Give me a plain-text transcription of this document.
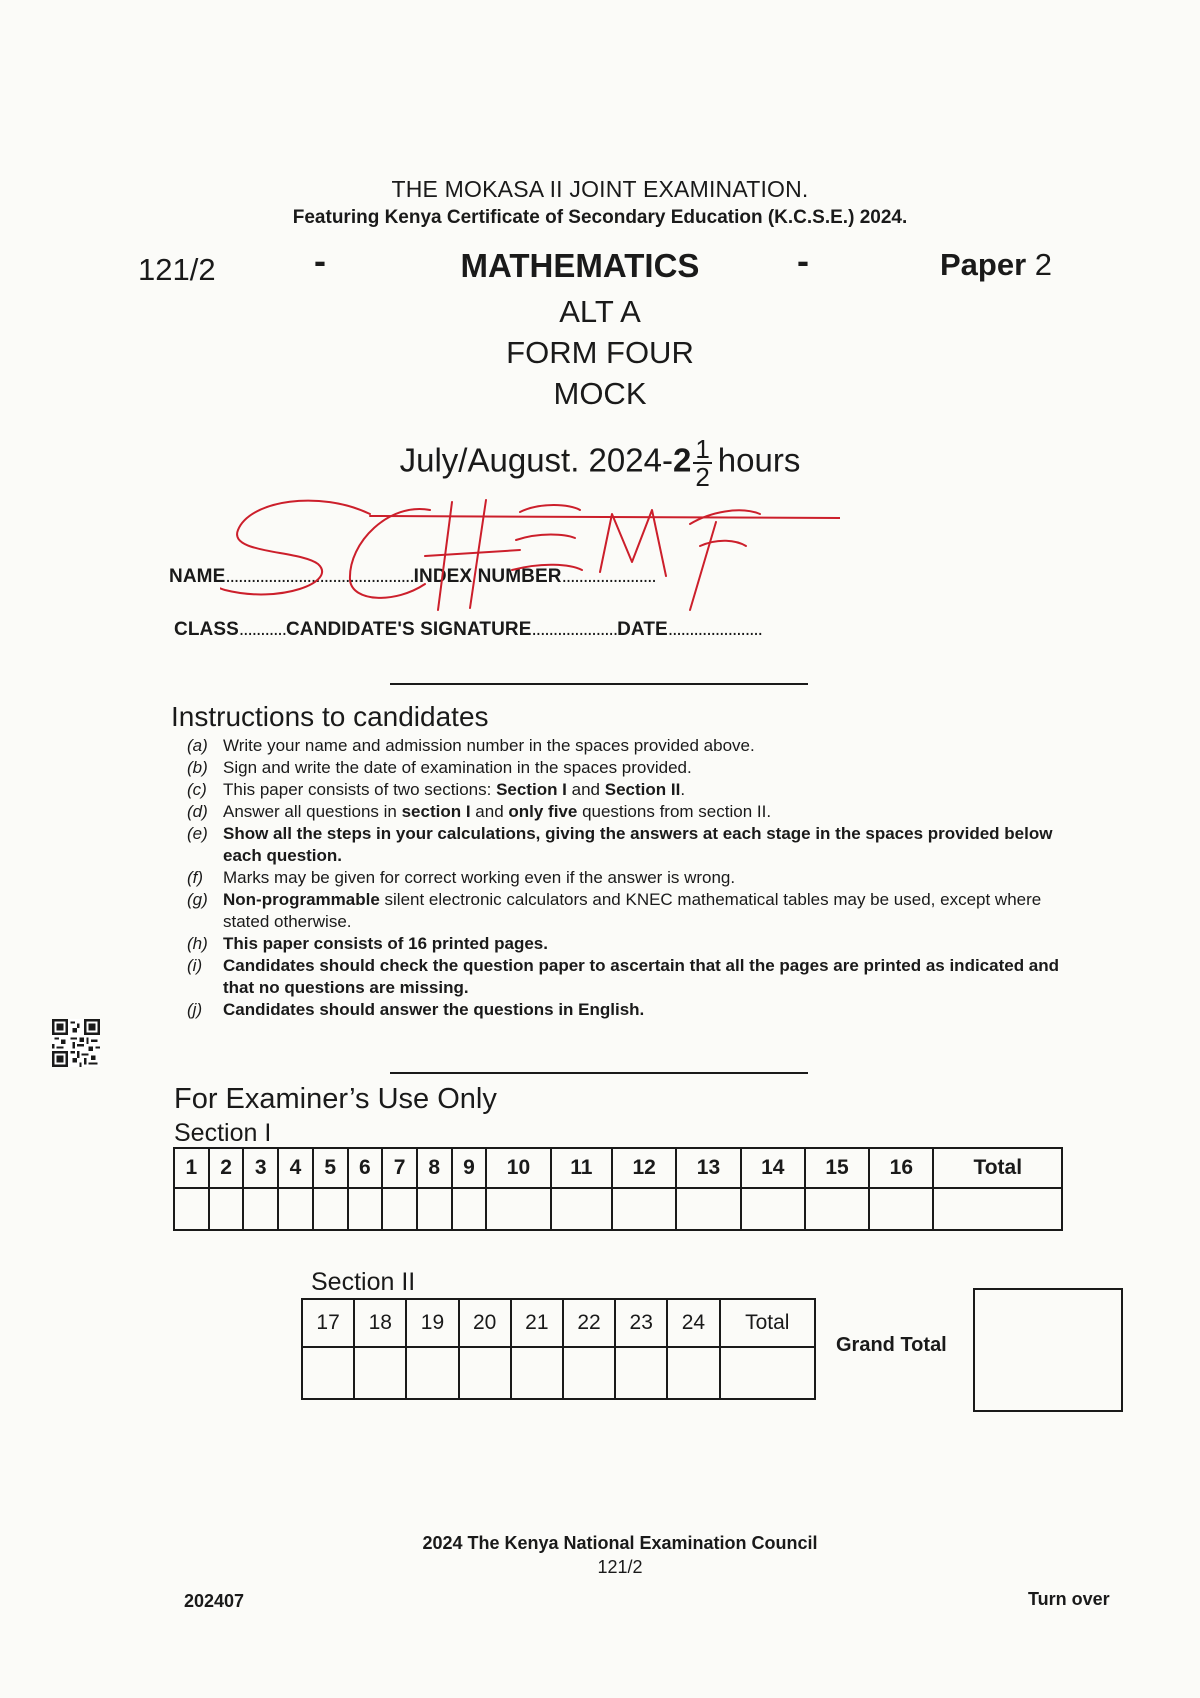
THE MOKASA II JOINT EXAMINATION.
Featuring Kenya Certificate of Secondary Education (K.C.S.E.) 2024.
121/2	-	MATHEMATICS	-	Paper 2
ALT A
FORM FOUR
MOCK
July/August. $2024-2 \frac{1}{2}$ hours
NAME............................................INDEX NUMBER......................
CLASS...........CANDIDATE'S SIGNATURE....................DATE......................
Instructions to candidates
(a) Write your name and admission number in the spaces provided above.
(b) Sign and write the date of examination in the spaces provided.
(c) This paper consists of two sections: Section I and Section II.
(d) Answer all questions in section I and only five questions from section II.
(e) Show all the steps in your calculations, giving the answers at each stage in the spaces provided below each question.
(f)	Marks may be given for correct working even if the answer is wrong.
(g) Non-programmable silent electronic calculators and KNEC mathematical tables may be used, except where stated otherwise.
(h) This paper consists of 16 printed pages.
(i)	Candidates should check the question paper to ascertain that all the pages are printed as indicated and that no questions are missing.
(j)	Candidates should answer the questions in English.
For Examiner’s Use Only
Section I
1	2	3	4	5	6	7	8	9	10	11	12	13	14	15	16	Total

Section II
17	18	19	20	21	22	23	24	Total

Grand Total
2024 The Kenya National Examination Council
121/2
202407	Turn over
